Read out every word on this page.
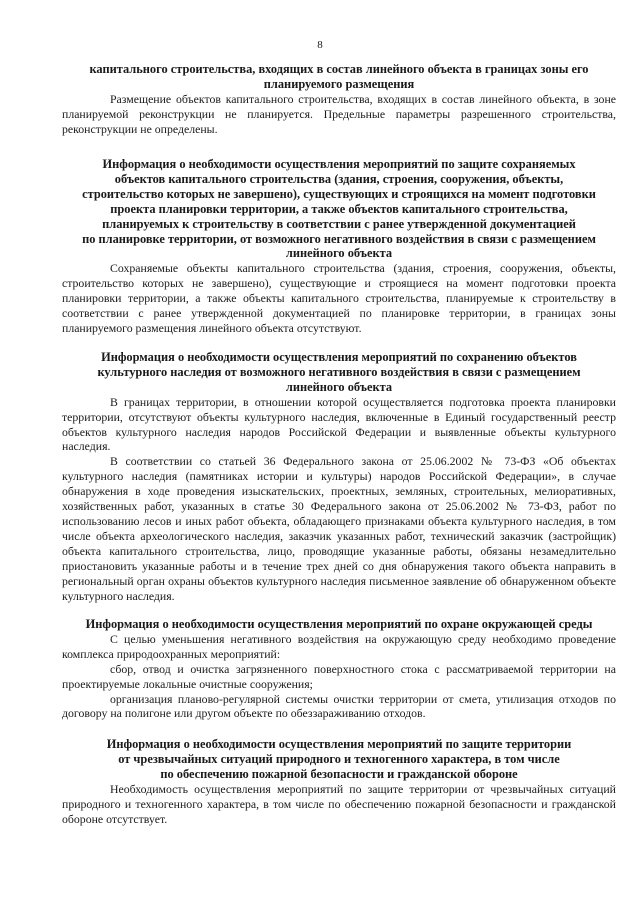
8
капитального строительства, входящих в состав линейного объекта в границах зоны его
планируемого размещения

Размещение объектов капитального строительства, входящих в состав линейного объекта, в зоне планируемой реконструкции не планируется. Предельные параметры разрешенного строительства, реконструкции не определены.

Информация о необходимости осуществления мероприятий по защите сохраняемых
объектов капитального строительства (здания, строения, сооружения, объекты,
строительство которых не завершено), существующих и строящихся на момент подготовки
проекта планировки территории, а также объектов капитального строительства,
планируемых к строительству в соответствии с ранее утвержденной документацией
по планировке территории, от возможного негативного воздействия в связи с размещением
линейного объекта

Сохраняемые объекты капитального строительства (здания, строения, сооружения, объекты, строительство которых не завершено), существующие и строящиеся на момент подготовки проекта планировки территории, а также объекты капитального строительства, планируемые к строительству в соответствии с ранее утвержденной документацией по планировке территории, в границах зоны планируемого размещения линейного объекта отсутствуют.

Информация о необходимости осуществления мероприятий по сохранению объектов
культурного наследия от возможного негативного воздействия в связи с размещением
линейного объекта

В границах территории, в отношении которой осуществляется подготовка проекта планировки территории, отсутствуют объекты культурного наследия, включенные в Единый государственный реестр объектов культурного наследия народов Российской Федерации и выявленные объекты культурного наследия.

В соответствии со статьей 36 Федерального закона от 25.06.2002 № 73-ФЗ «Об объектах культурного наследия (памятниках истории и культуры) народов Российской Федерации», в случае обнаружения в ходе проведения изыскательских, проектных, земляных, строительных, мелиоративных, хозяйственных работ, указанных в статье 30 Федерального закона от 25.06.2002 № 73-ФЗ, работ по использованию лесов и иных работ объекта, обладающего признаками объекта культурного наследия, в том числе объекта археологического наследия, заказчик указанных работ, технический заказчик (застройщик) объекта капитального строительства, лицо, проводящие указанные работы, обязаны незамедлительно приостановить указанные работы и в течение трех дней со дня обнаружения такого объекта направить в региональный орган охраны объектов культурного наследия письменное заявление об обнаруженном объекте культурного наследия.

Информация о необходимости осуществления мероприятий по охране окружающей среды

С целью уменьшения негативного воздействия на окружающую среду необходимо проведение комплекса природоохранных мероприятий:

сбор, отвод и очистка загрязненного поверхностного стока с рассматриваемой территории на проектируемые локальные очистные сооружения;

организация планово-регулярной системы очистки территории от смета, утилизация отходов по договору на полигоне или другом объекте по обеззараживанию отходов.

Информация о необходимости осуществления мероприятий по защите территории
от чрезвычайных ситуаций природного и техногенного характера, в том числе
по обеспечению пожарной безопасности и гражданской обороне

Необходимость осуществления мероприятий по защите территории от чрезвычайных ситуаций природного и техногенного характера, в том числе по обеспечению пожарной безопасности и гражданской обороне отсутствует.
